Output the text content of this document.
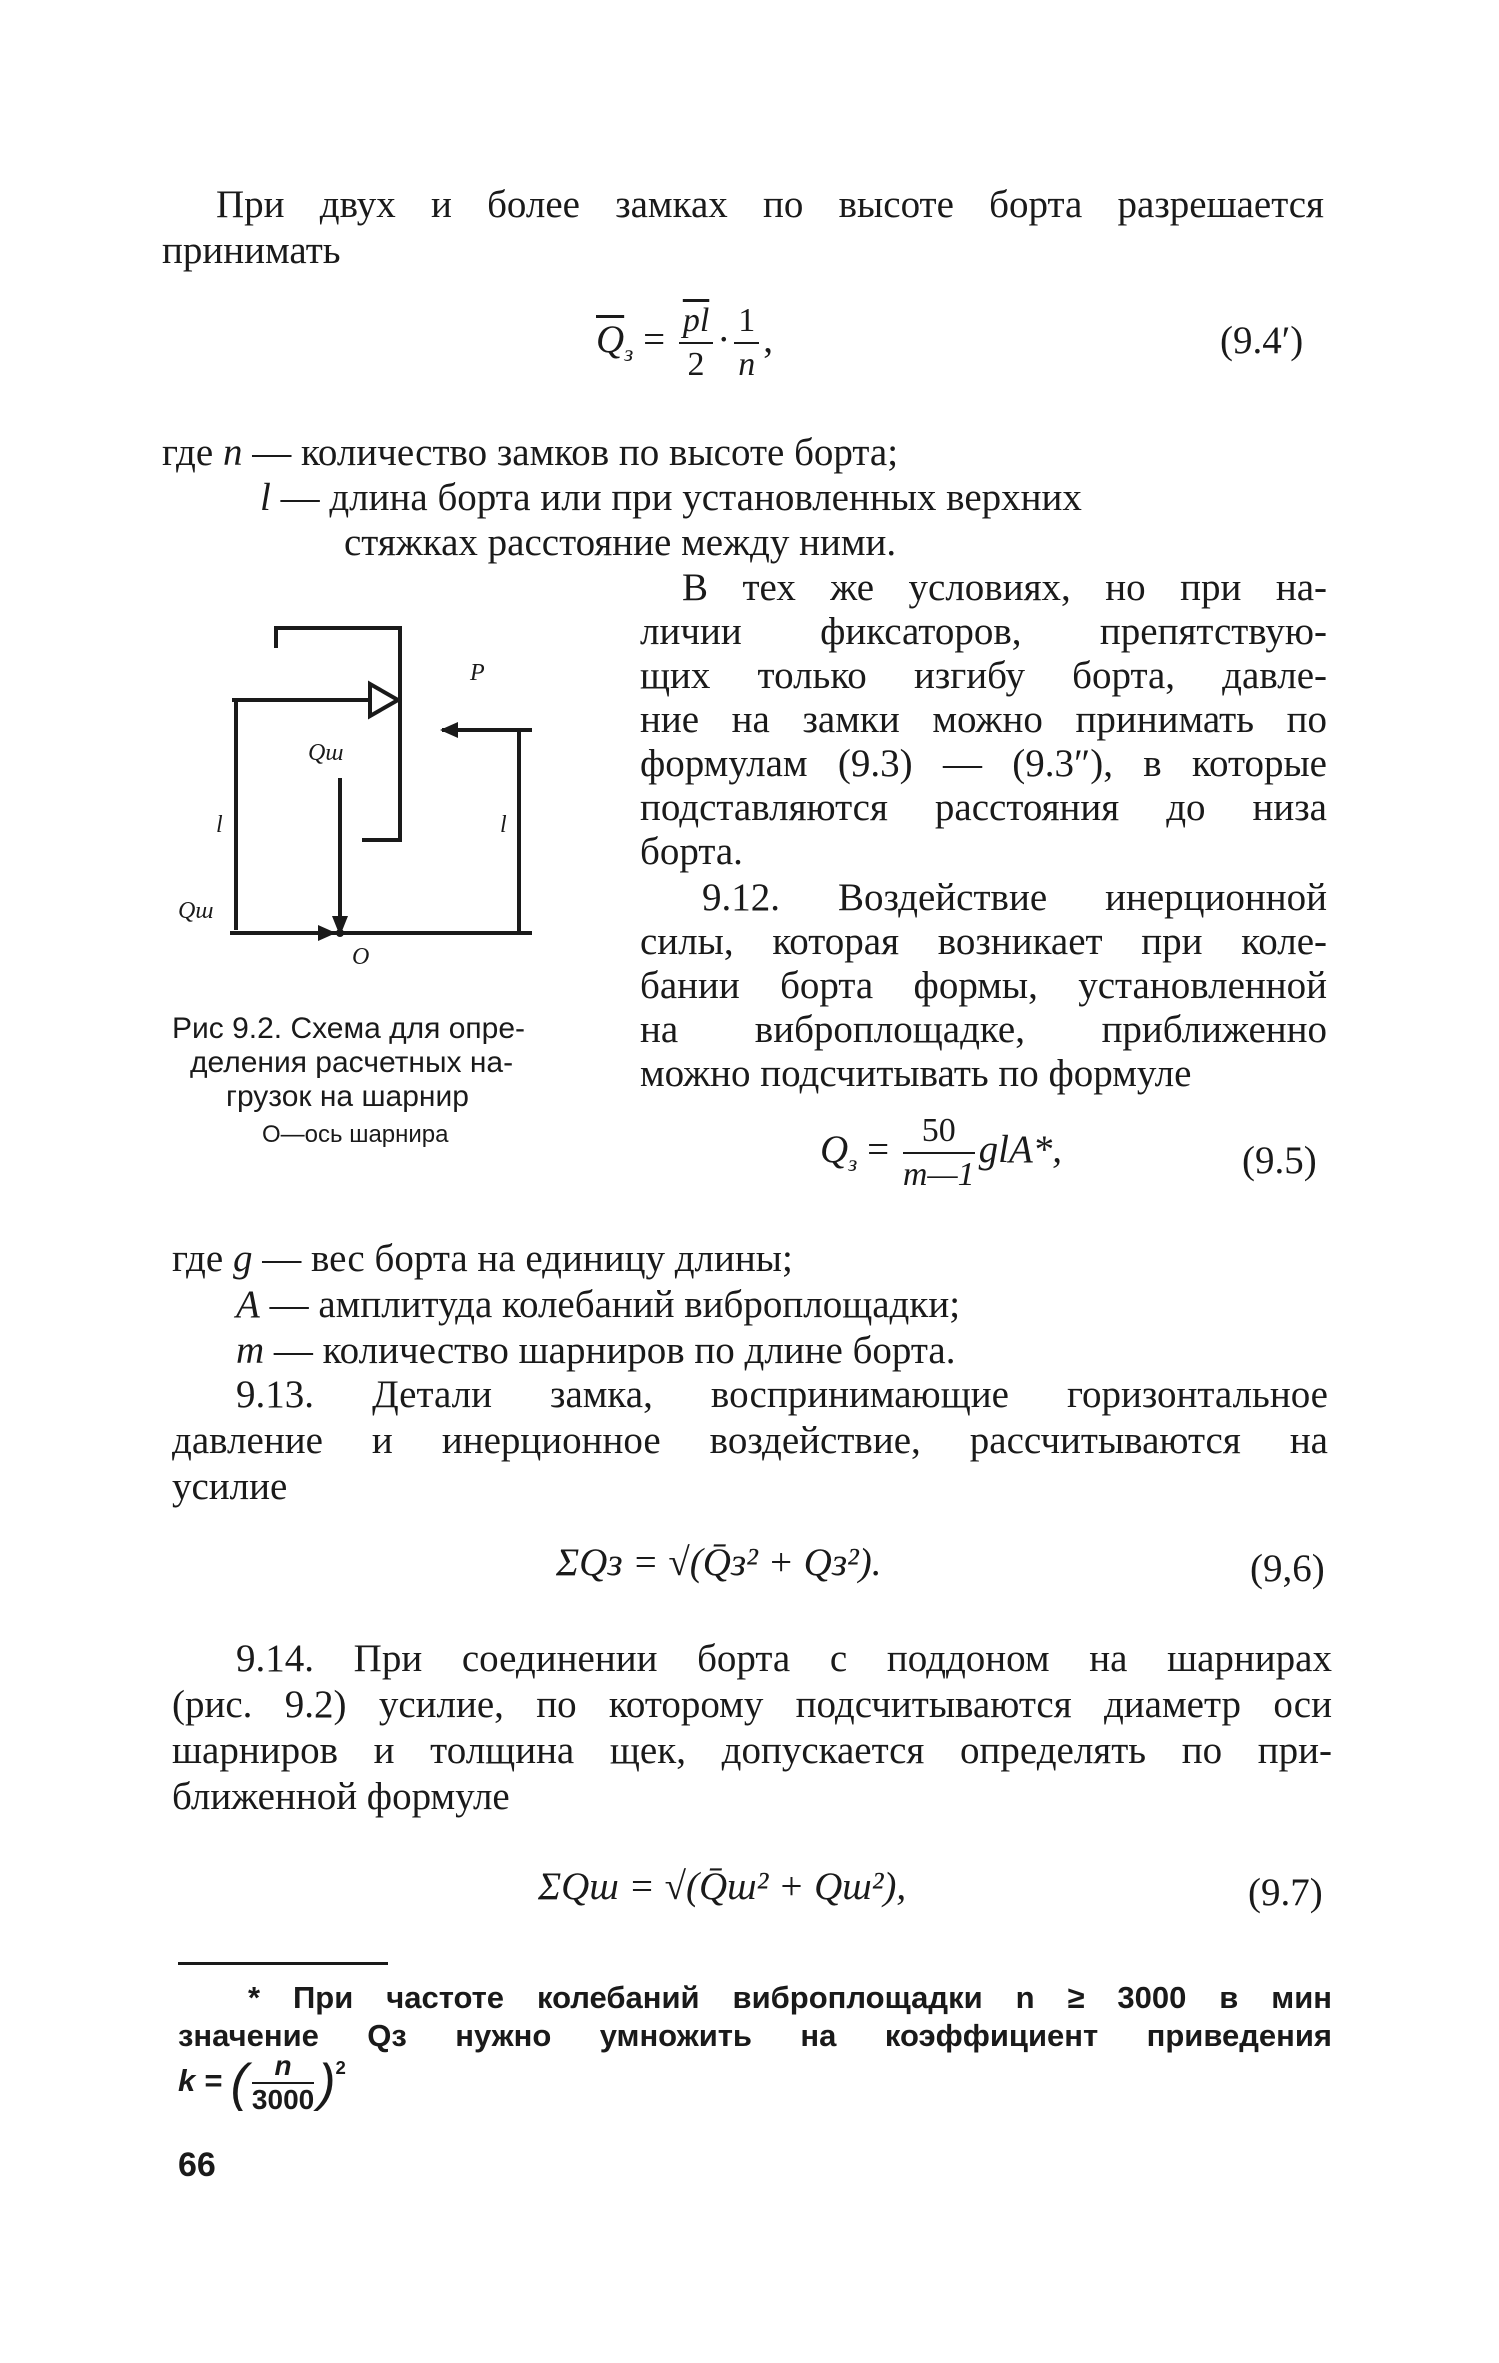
При двух и более замках по высоте борта разрешается
принимать
$\overline{Q}_з = \frac{\overline{pl}}{2} \cdot \frac{1}{n}$ ,	(9.4′)
где n — количество замков по высоте борта;
l — длина борта или при установленных верхних
стяжках расстояние между ними.
В тех же условиях, но при на-
личии фиксаторов, препятствую-
щих только изгибу борта, давле-
ние на замки можно принимать по
формулам (9.3) — (9.3″), в которые
подставляются расстояния до низа
борта.
9.12. Воздействие инерционной
силы, которая возникает при коле-
бании борта формы, установленной
на виброплощадке, приближенно
можно подсчитывать по формуле
P
Qш
Qш
l	l
O
Рис 9.2. Схема для опре-
деления расчетных на-
грузок на шарнир
O—ось шарнира	$Q_з = \frac{50}{m—1} glA*$,	(9.5)
где g — вес борта на единицу длины;
A — амплитуда колебаний виброплощадки;
m — количество шарниров по длине борта.
9.13. Детали замка, воспринимающие горизонтальное
давление и инерционное воздействие, рассчитываются на
усилие
ΣQз = √(Q̄з² + Qз²).	(9,6)
9.14. При соединении борта с поддоном на шарнирах
(рис. 9.2) усилие, по которому подсчитываются диаметр оси
шарниров и толщина щек, допускается определять по при-
ближенной формуле
ΣQш = √(Q̄ш² + Qш²),	(9.7)
* При частоте колебаний виброплощадки n ≥ 3000 в мин
значение Qз нужно умножить на коэффициент приведения
k = ( $\frac{n}{3000} )^2$
66
